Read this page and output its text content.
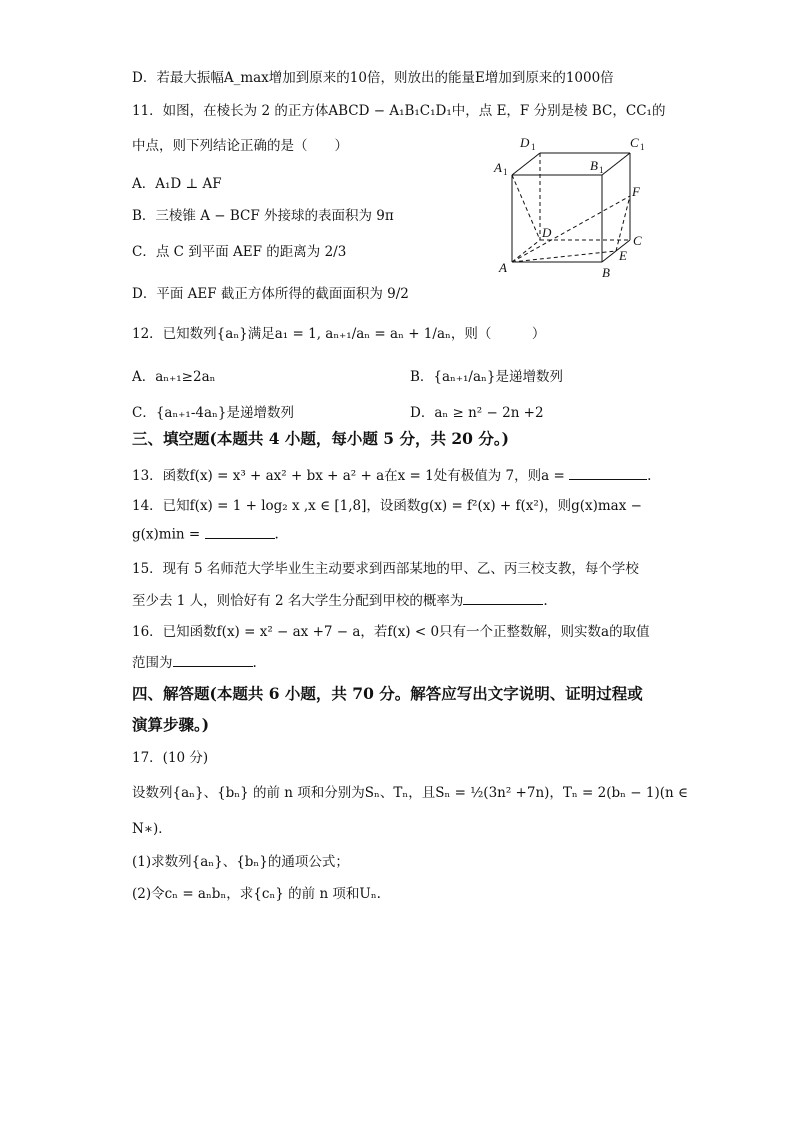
D．若最大振幅A_max增加到原来的10倍，则放出的能量E增加到原来的1000倍
11．如图，在棱长为 2 的正方体ABCD − A₁B₁C₁D₁中，点 E，F 分别是棱 BC，CC₁的
中点，则下列结论正确的是（　　）
A．A₁D ⊥ AF
B．三棱锥 A − BCF 外接球的表面积为 9π
C．点 C 到平面 AEF 的距离为 2/3
D．平面 AEF 截正方体所得的截面面积为 9/2
12．已知数列{aₙ}满足a₁ = 1, aₙ₊₁/aₙ = aₙ + 1/aₙ，则（　　　）
A．aₙ₊₁≥2aₙ	B．{aₙ₊₁/aₙ}是递增数列
C．{aₙ₊₁-4aₙ}是递增数列	D．aₙ ≥ n² − 2n +2
三、填空题(本题共 4 小题，每小题 5 分，共 20 分。)
13．函数f(x) = x³ + ax² + bx + a² + a在x = 1处有极值为 7，则a =	.
14．已知f(x) = 1 + log₂ x ,x ∈ [1,8]，设函数g(x) = f²(x) + f(x²)，则g(x)max −
g(x)min =	.
15．现有 5 名师范大学毕业生主动要求到西部某地的甲、乙、丙三校支教，每个学校
至少去 1 人，则恰好有 2 名大学生分配到甲校的概率为	.
16．已知函数f(x) = x² − ax +7 − a，若f(x) < 0只有一个正整数解，则实数a的取值
范围为	.
四、解答题(本题共 6 小题，共 70 分。解答应写出文字说明、证明过程或
演算步骤。)
17．(10 分)
设数列{aₙ}、{bₙ} 的前 n 项和分别为Sₙ、Tₙ，且Sₙ = ½(3n² +7n)，Tₙ = 2(bₙ − 1)(n ∈
N∗)．
(1)求数列{aₙ}、{bₙ}的通项公式；
(2)令cₙ = aₙbₙ，求{cₙ} 的前 n 项和Uₙ.
D 1	C 1
A 1	B 1
F
D
C
E
A	B
